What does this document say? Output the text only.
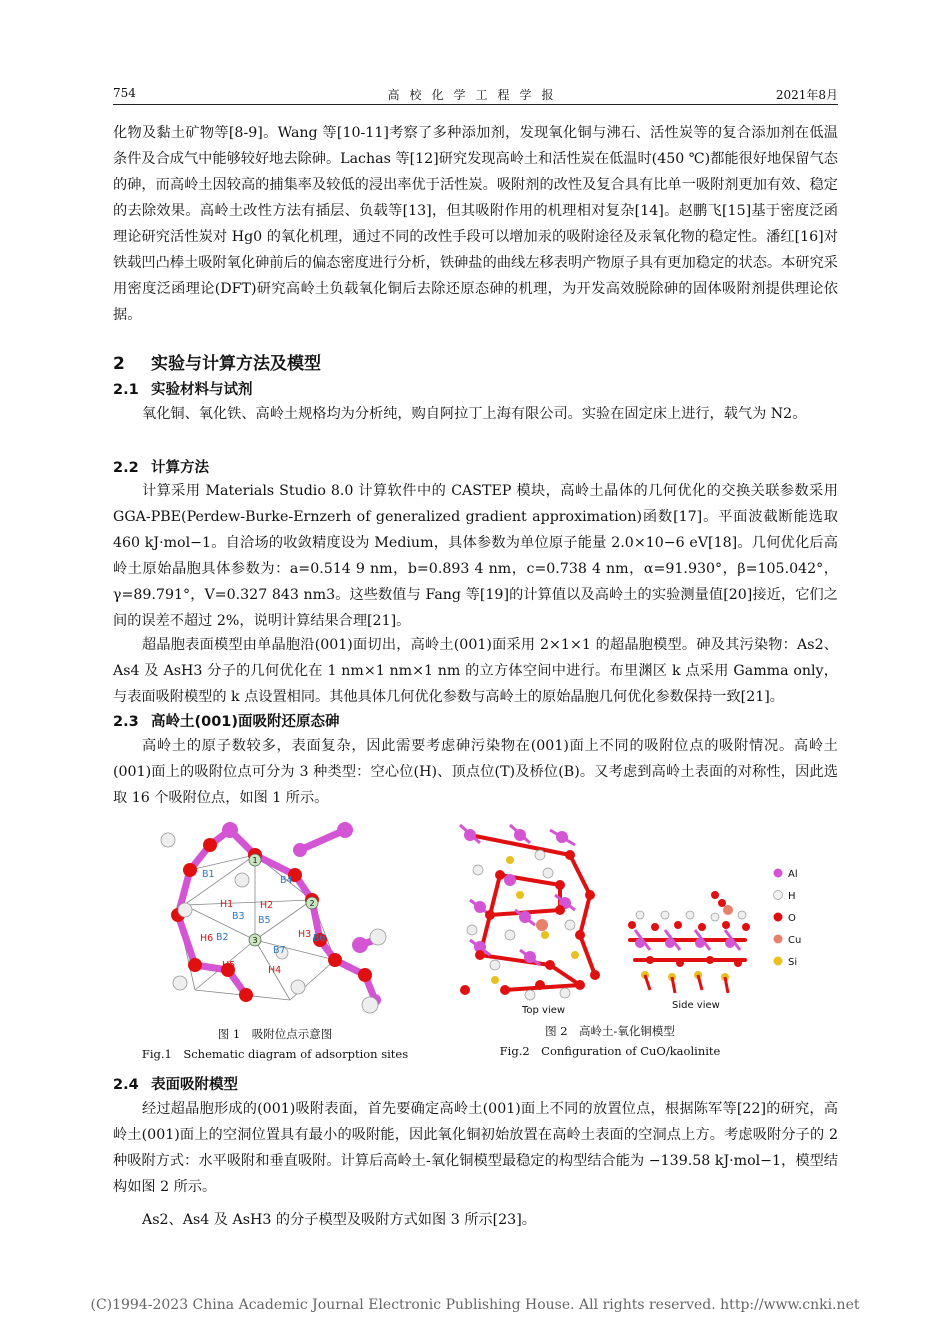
754	高校化学工程学报	2021年8月

化物及黏土矿物等[8-9]。Wang 等[10-11]考察了多种添加剂，发现氧化铜与沸石、活性炭等的复合添加剂在低温条件及合成气中能够较好地去除砷。Lachas 等[12]研究发现高岭土和活性炭在低温时(450 ℃)都能很好地保留气态的砷，而高岭土因较高的捕集率及较低的浸出率优于活性炭。吸附剂的改性及复合具有比单一吸附剂更加有效、稳定的去除效果。高岭土改性方法有插层、负载等[13]，但其吸附作用的机理相对复杂[14]。赵鹏飞[15]基于密度泛函理论研究活性炭对 Hg0 的氧化机理，通过不同的改性手段可以增加汞的吸附途径及汞氧化物的稳定性。潘红[16]对铁载凹凸棒土吸附氧化砷前后的偏态密度进行分析，铁砷盐的曲线左移表明产物原子具有更加稳定的状态。本研究采用密度泛函理论(DFT)研究高岭土负载氧化铜后去除还原态砷的机理，为开发高效脱除砷的固体吸附剂提供理论依据。

2 实验与计算方法及模型
2.1 实验材料与试剂

氧化铜、氧化铁、高岭土规格均为分析纯，购自阿拉丁上海有限公司。实验在固定床上进行，载气为 N2。

2.2 计算方法

计算采用 Materials Studio 8.0 计算软件中的 CASTEP 模块，高岭土晶体的几何优化的交换关联参数采用 GGA-PBE(Perdew-Burke-Ernzerh of generalized gradient approximation)函数[17]。平面波截断能选取 460 kJ·mol−1。自洽场的收敛精度设为 Medium，具体参数为单位原子能量 2.0×10−6 eV[18]。几何优化后高岭土原始晶胞具体参数为：a=0.514 9 nm，b=0.893 4 nm，c=0.738 4 nm，α=91.930°，β=105.042°，γ=89.791°，V=0.327 843 nm3。这些数值与 Fang 等[19]的计算值以及高岭土的实验测量值[20]接近，它们之间的误差不超过 2%，说明计算结果合理[21]。

超晶胞表面模型由单晶胞沿(001)面切出，高岭土(001)面采用 2×1×1 的超晶胞模型。砷及其污染物：As2、As4 及 AsH3 分子的几何优化在 1 nm×1 nm×1 nm 的立方体空间中进行。布里渊区 k 点采用 Gamma only，与表面吸附模型的 k 点设置相同。其他具体几何优化参数与高岭土的原始晶胞几何优化参数保持一致[21]。

2.3 高岭土(001)面吸附还原态砷

高岭土的原子数较多，表面复杂，因此需要考虑砷污染物在(001)面上不同的吸附位点的吸附情况。高岭土(001)面上的吸附位点可分为 3 种类型：空心位(H)、顶点位(T)及桥位(B)。又考虑到高岭土表面的对称性，因此选取 16 个吸附位点，如图 1 所示。

1
2
3
B1
B4
B3 B5
B2
B7
B6
H1	H2
H6	H3
H5	H4
图 1　吸附位点示意图
Fig.1　Schematic diagram of adsorption sites
Top view	Side view
Al
H
O
Cu
Si
图 2　高岭土-氧化铜模型
Fig.2　Configuration of CuO/kaolinite
2.4 表面吸附模型

经过超晶胞形成的(001)吸附表面，首先要确定高岭土(001)面上不同的放置位点，根据陈军等[22]的研究，高岭土(001)面上的空洞位置具有最小的吸附能，因此氧化铜初始放置在高岭土表面的空洞点上方。考虑吸附分子的 2 种吸附方式：水平吸附和垂直吸附。计算后高岭土-氧化铜模型最稳定的构型结合能为 −139.58 kJ·mol−1，模型结构如图 2 所示。

As2、As4 及 AsH3 的分子模型及吸附方式如图 3 所示[23]。

(C)1994-2023 China Academic Journal Electronic Publishing House. All rights reserved. http://www.cnki.net
